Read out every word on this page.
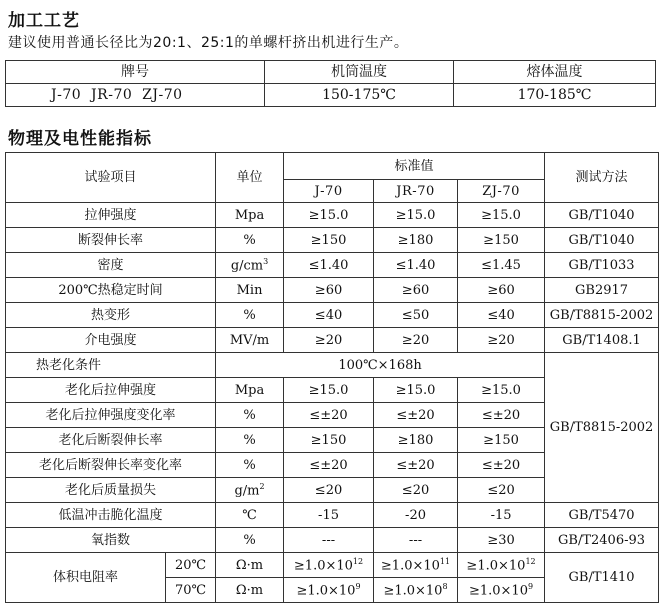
加工工艺
建议使用普通长径比为20:1、25:1的单螺杆挤出机进行生产。
牌号	机筒温度	熔体温度
J-70  JR-70  ZJ-70	150-175℃	170-185℃
物理及电性能指标
试验项目		单位	标准值			测试方法
			J-70	JR-70	ZJ-70	
拉伸强度		Mpa	≥15.0	≥15.0	≥15.0	GB/T1040
断裂伸长率		%	≥150	≥180	≥150	GB/T1040
密度		$g/cm^3$	≤1.40	≤1.40	≤1.45	GB/T1033
200℃热稳定时间		Min	≥60	≥60	≥60	GB2917
热变形		%	≤40	≤50	≤40	GB/T8815-2002
介电强度		MV/m	≥20	≥20	≥20	GB/T1408.1
热老化条件		100℃×168h				GB/T8815-2002
老化后拉伸强度		Mpa	≥15.0	≥15.0	≥15.0	
老化后拉伸强度变化率		%	≤±20	≤±20	≤±20	
老化后断裂伸长率		%	≥150	≥180	≥150	
老化后断裂伸长率变化率		%	≤±20	≤±20	≤±20	
老化后质量损失		$g/m^2$	≤20	≤20	≤20	
低温冲击脆化温度		℃	-15	-20	-15	GB/T5470
氧指数		%	---	---	≥30	GB/T2406-93
体积电阻率	20℃	Ω·m	$\ge 1.0\times 10^{12}$	$\ge 1.0\times 10^{11}$	$\ge 1.0\times 10^{12}$	GB/T1410
	70℃	Ω·m	$\ge 1.0\times 10^9$	$\ge 1.0\times 10^8$	$\ge 1.0\times 10^9$
